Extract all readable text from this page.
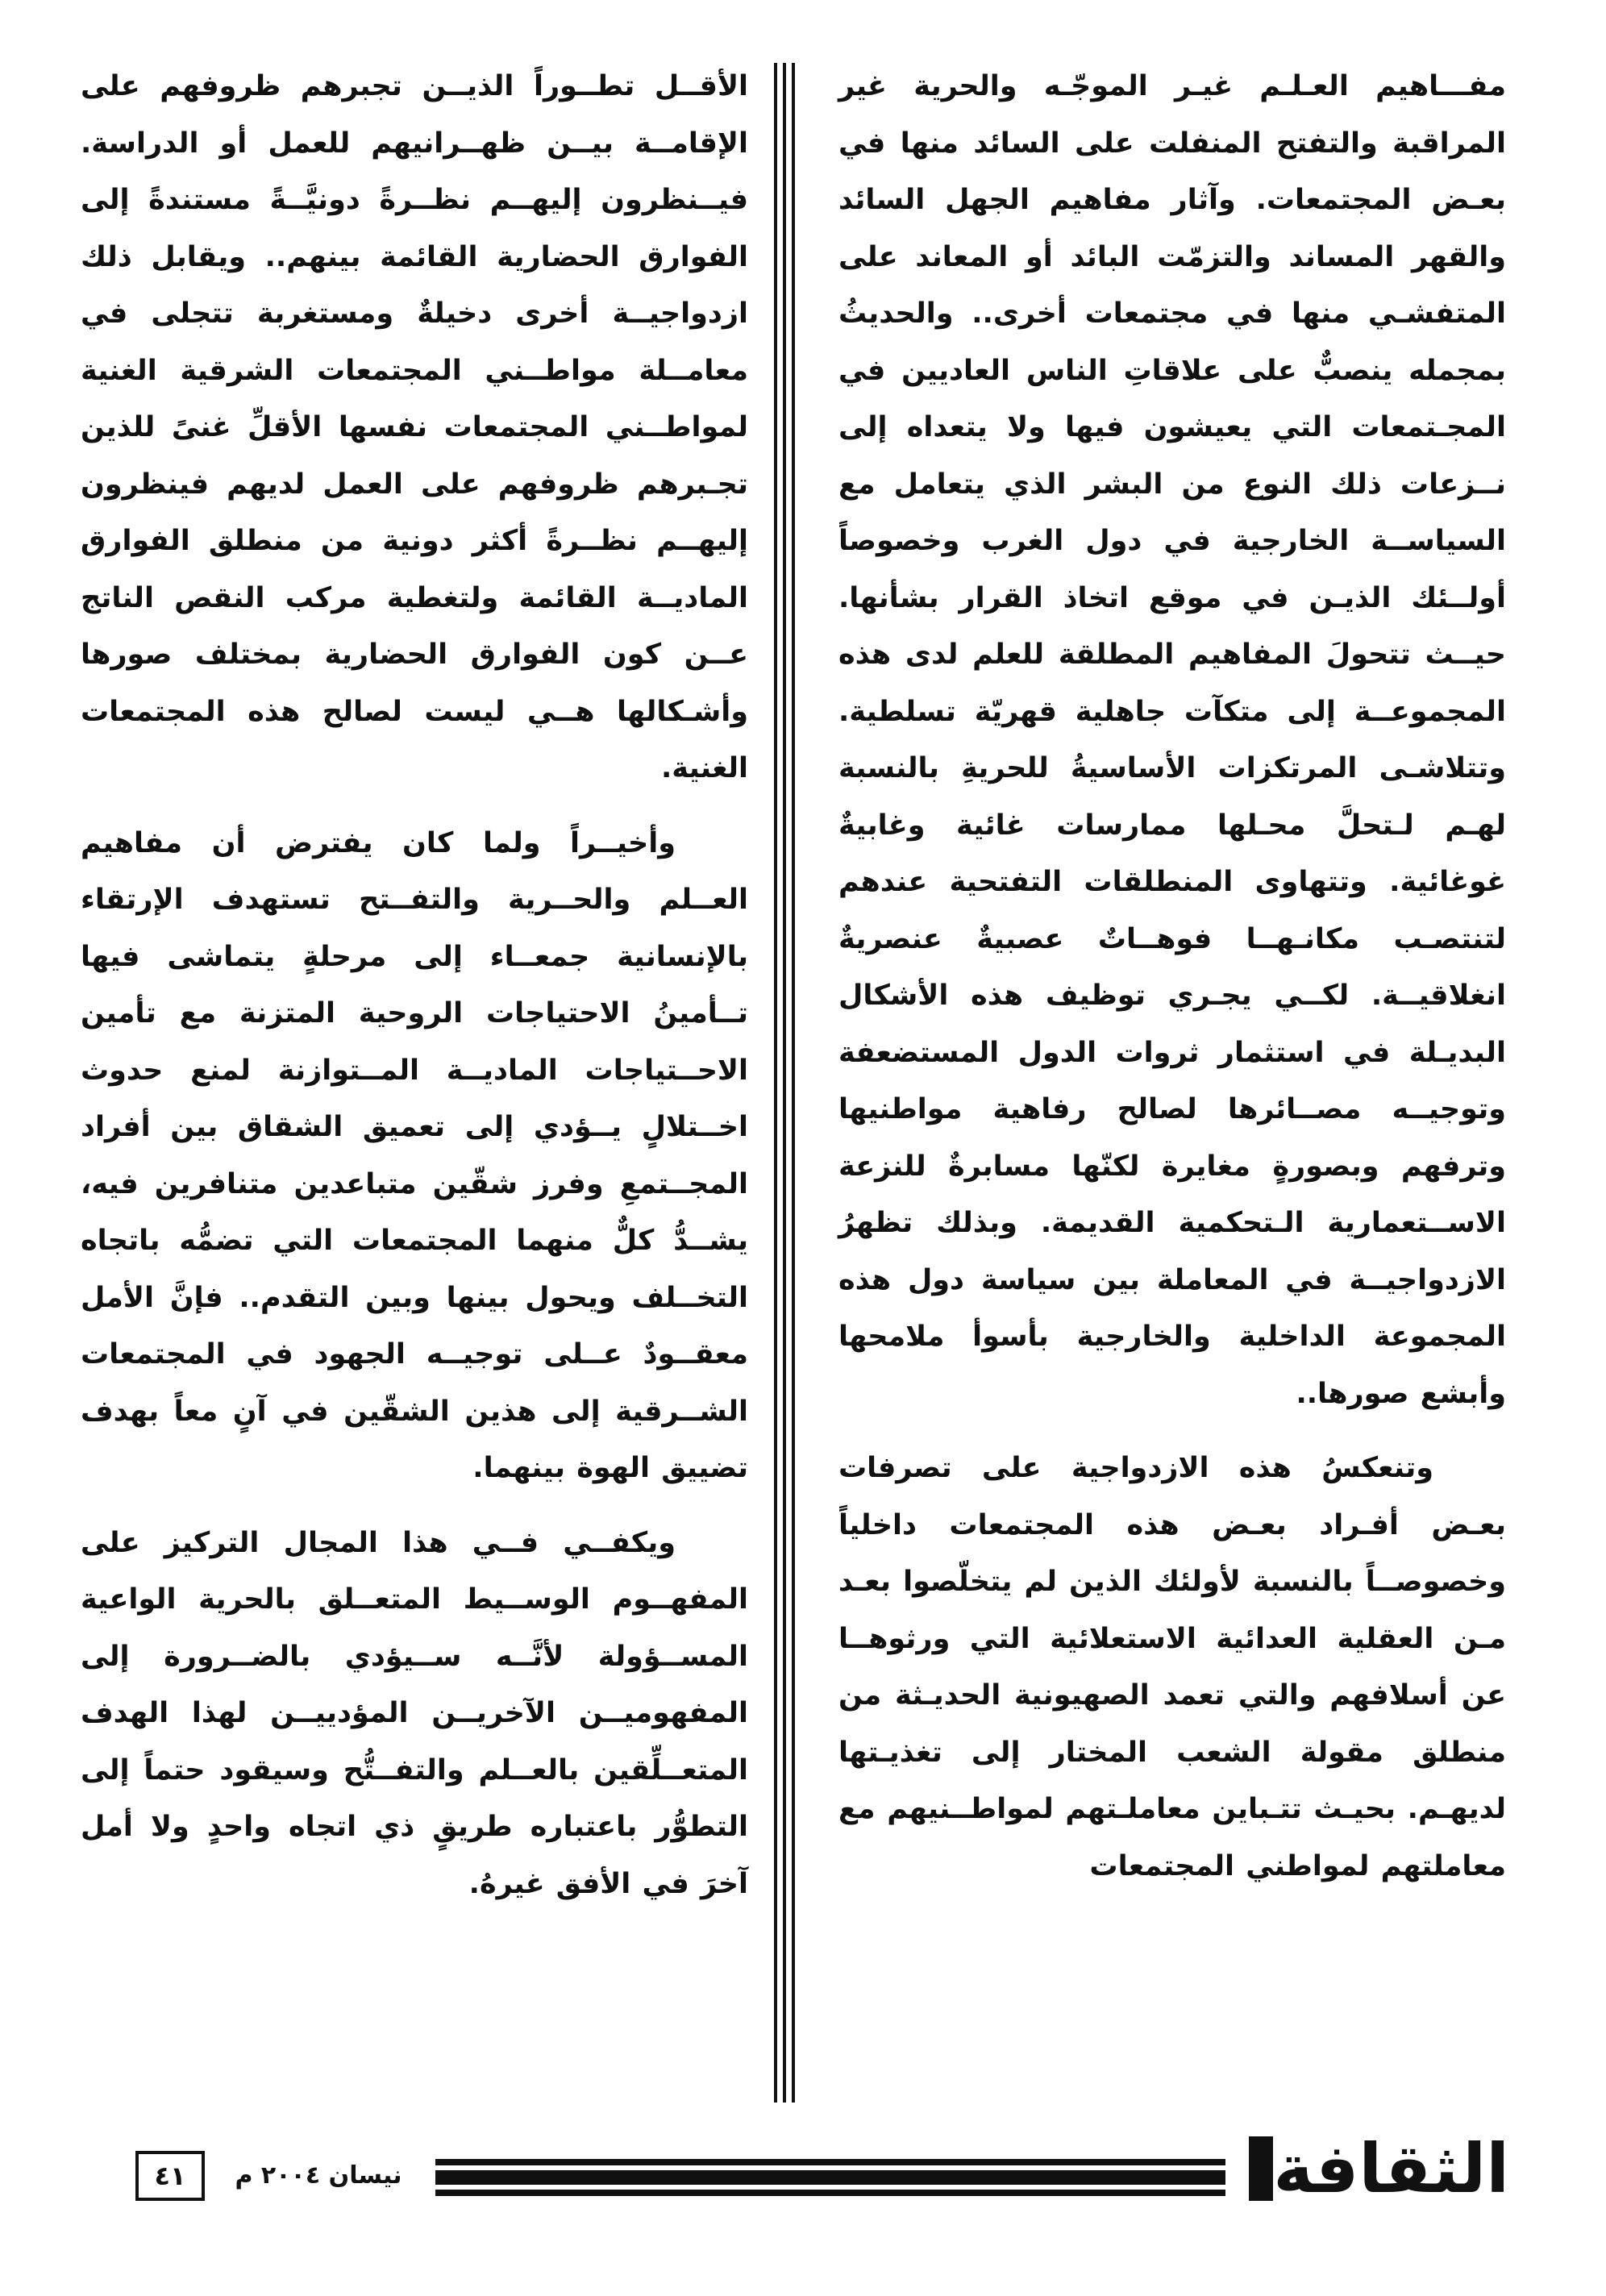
مفـــاهيم العـلـم غيـر الموجّـه والحرية غير المراقبة والتفتح المنفلت على السائد منها في بعـض المجتمعات. وآثار مفاهيم الجهل السائد والقهر المساند والتزمّت البائد أو المعاند على المتفشـي منها في مجتمعات أخرى.. والحديثُ بمجمله ينصبٌّ على علاقاتِ الناس العاديين في المجـتمعات التي يعيشون فيها ولا يتعداه إلى نــزعات ذلك النوع من البشر الذي يتعامل مع السياســة الخارجية في دول الغرب وخصوصاً أولــئك الذيـن في موقع اتخاذ القرار بشأنها. حيــث تتحولَ المفاهيم المطلقة للعلم لدى هذه المجموعــة إلى متكآت جاهلية قهريّة تسلطية. وتتلاشـى المرتكزات الأساسيةُ للحريةِ بالنسبة لهـم لـتحلَّ محـلها ممارسات غائية وغابيةٌ غوغائية. وتتهاوى المنطلقات التفتحية عندهم لتنتصـب مكانـهــا فوهــاتٌ عصبيةٌ عنصريةٌ انغلاقيــة. لكــي يجـري توظيف هذه الأشكال البديـلة في استثمار ثروات الدول المستضعفة وتوجيــه مصــائرها لصالح رفاهية مواطنيها وترفهم وبصورةٍ مغايرة لكنّها مسابرةٌ للنزعة الاســتعمارية الـتحكمية القديمة. وبذلك تظهرُ الازدواجيــة في المعاملة بين سياسة دول هذه المجموعة الداخلية والخارجية بأسوأ ملامحها وأبشع صورها..

وتنعكسُ هذه الازدواجية على تصرفات بعـض أفـراد بعـض هذه المجتمعات داخلياً وخصوصــاً بالنسبة لأولئك الذين لم يتخلّصوا بعـد مـن العقلية العدائية الاستعلائية التي ورثوهــا عن أسلافهم والتي تعمد الصهيونية الحديـثة من منطلق مقولة الشعب المختار إلى تغذيـتها لديهـم. بحيـث تتـباين معاملـتهم لمواطــنيهم مع معاملتهم لمواطني المجتمعات

الأقــل تطــوراً الذيــن تجبرهم ظروفهم على الإقامــة بيــن ظهــرانيهم للعمل أو الدراسة. فيــنظرون إليهــم نظــرةً دونيَّــةً مستندةً إلى الفوارق الحضارية القائمة بينهم.. ويقابل ذلك ازدواجيــة أخرى دخيلةٌ ومستغربة تتجلى في معامــلة مواطــني المجتمعات الشرقية الغنية لمواطــني المجتمعات نفسها الأقلِّ غنىً للذين تجـبرهم ظروفهم على العمل لديهم فينظرون إليهــم نظــرةً أكثر دونية من منطلق الفوارق الماديــة القائمة ولتغطية مركب النقص الناتج عــن كون الفوارق الحضارية بمختلف صورها وأشـكالها هــي ليست لصالح هذه المجتمعات الغنية.

وأخيــراً ولما كان يفترض أن مفاهيم العــلم والحــرية والتفــتح تستهدف الإرتقاء بالإنسانية جمعــاء إلى مرحلةٍ يتماشى فيها تــأمينُ الاحتياجات الروحية المتزنة مع تأمين الاحــتياجات الماديــة المــتوازنة لمنع حدوث اخــتلالٍ يــؤدي إلى تعميق الشقاق بين أفراد المجــتمعِ وفرز شقّين متباعدين متنافرين فيه، يشــدُّ كلٌّ منهما المجتمعات التي تضمُّه باتجاه التخــلف ويحول بينها وبين التقدم.. فإنَّ الأمل معقــودٌ عــلى توجيــه الجهود في المجتمعات الشــرقية إلى هذين الشقّين في آنٍ معاً بهدف تضييق الهوة بينهما.

ويكفــي فــي هذا المجال التركيز على المفهــوم الوســيط المتعــلق بالحرية الواعية المســؤولة لأنَّــه ســيؤدي بالضــرورة إلى المفهوميــن الآخريــن المؤدييــن لهذا الهدف المتعــلِّقين بالعــلم والتفــتُّح وسيقود حتماً إلى التطوُّر باعتباره طريقٍ ذي اتجاه واحدٍ ولا أمل آخرَ في الأفق غيرهُ.

الثقافة
نيسان ٢٠٠٤ م
٤١
